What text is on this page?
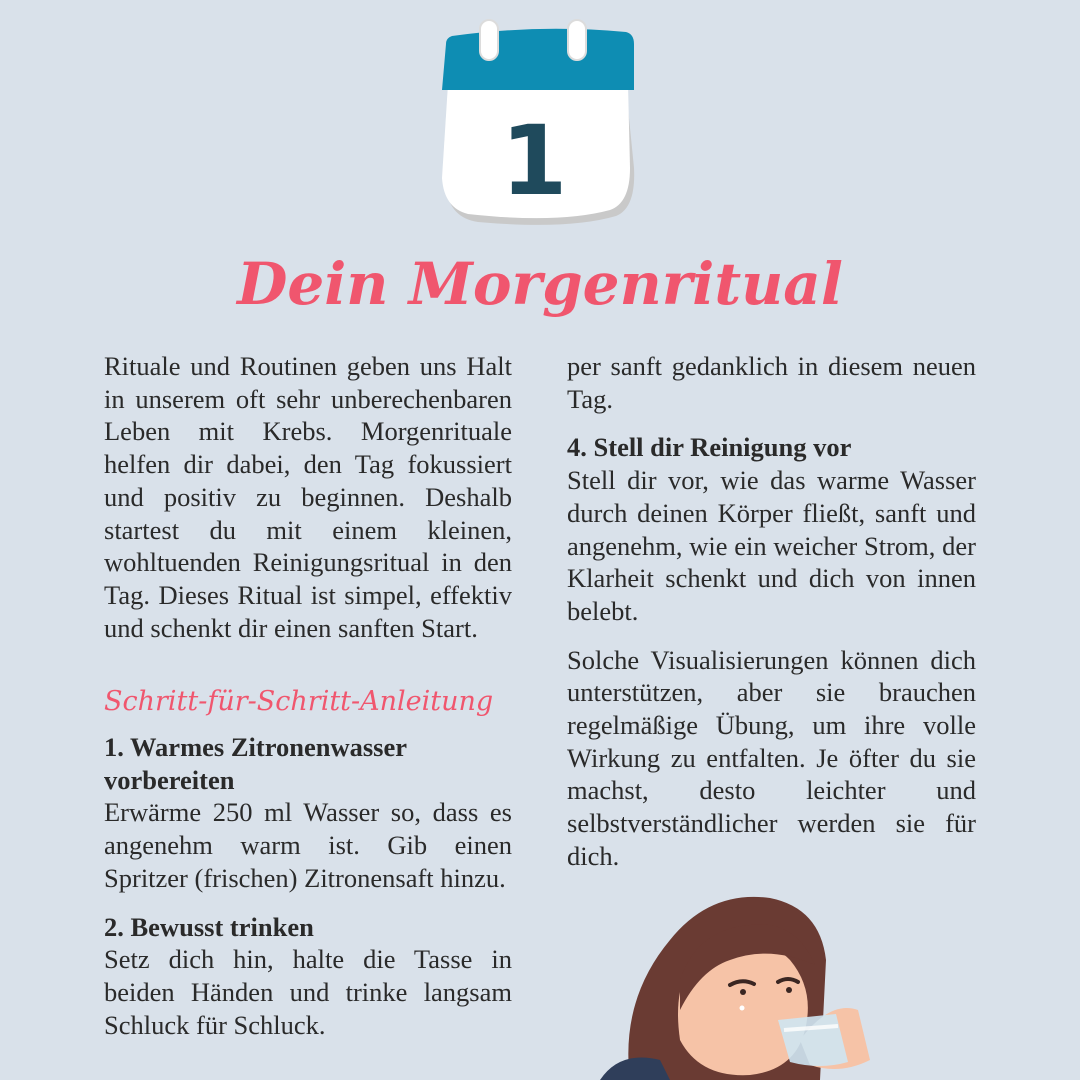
1
Dein Morgenritual

Rituale und Routinen geben uns Halt in unserem oft sehr unberechenbaren Leben mit Krebs. Morgenrituale helfen dir dabei, den Tag fokussiert und positiv zu beginnen. Deshalb startest du mit einem kleinen, wohltuenden Reinigungsritual in den Tag. Dieses Ritual ist simpel, effektiv und schenkt dir einen sanften Start.

Schritt-für-Schritt-Anleitung

1. Warmes Zitronenwasser vorbereiten

Erwärme 250 ml Wasser so, dass es angenehm warm ist. Gib einen Spritzer (frischen) Zitronensaft hinzu.

2. Bewusst trinken

Setz dich hin, halte die Tasse in beiden Händen und trinke langsam Schluck für Schluck.

per sanft gedanklich in diesem neuen Tag.

4. Stell dir Reinigung vor

Stell dir vor, wie das warme Wasser durch deinen Körper fließt, sanft und angenehm, wie ein weicher Strom, der Klarheit schenkt und dich von innen belebt.

Solche Visualisierungen können dich unterstützen, aber sie brauchen regelmäßige Übung, um ihre volle Wirkung zu entfalten. Je öfter du sie machst, desto leichter und selbstverständlicher werden sie für dich.
